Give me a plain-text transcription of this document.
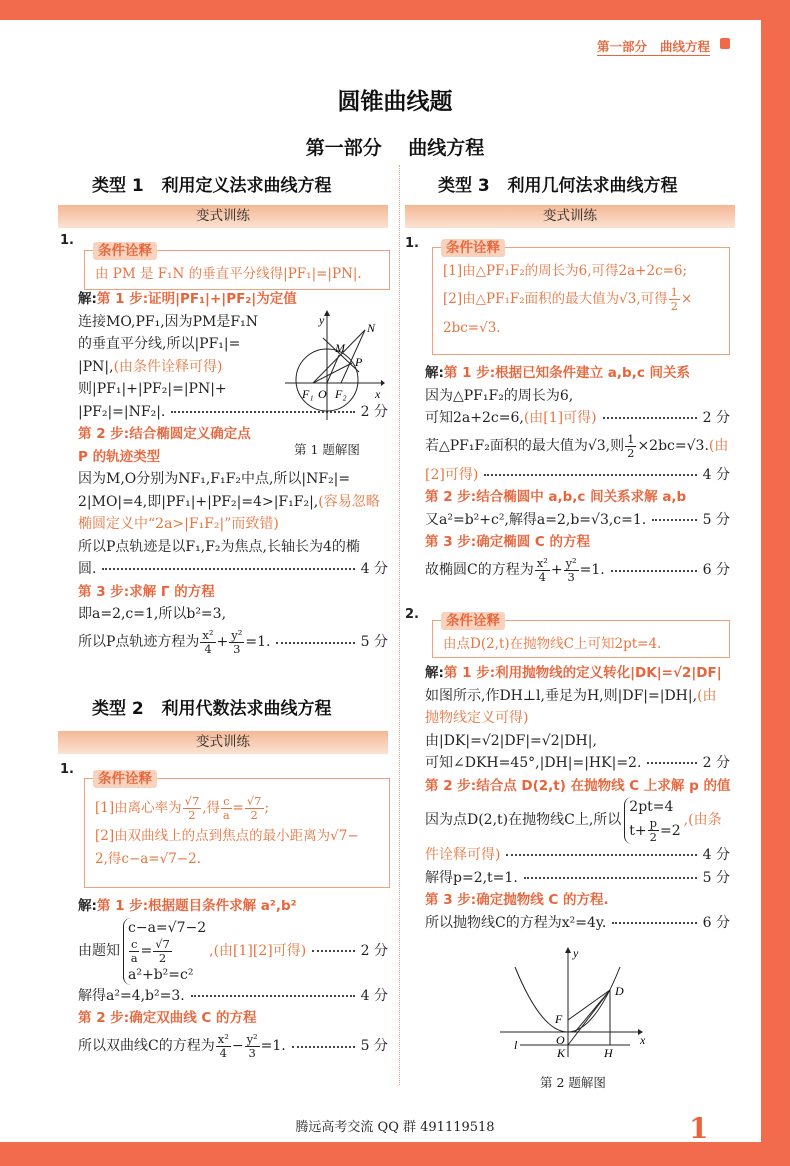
第一部分   曲线方程
圆锥曲线题
第一部分    曲线方程
类型 1   利用定义法求曲线方程
变式训练
1.
条件诠释
由 PM 是 F₁N 的垂直平分线得|PF₁|=|PN|.
解: 第 1 步:证明|PF₁|+|PF₂|为定值
连接MO,PF₁,因为PM是F₁N
的垂直平分线,所以|PF₁|=
|PN|, (由条件诠释可得)
则|PF₁|+|PF₂|=|PN|+
|PF₂|=|NF₂|.	2 分
第 2 步:结合椭圆定义确定点
P 的轨迹类型
因为M,O分别为NF₁,F₁F₂中点,所以|NF₂|=
2|MO|=4,即|PF₁|+|PF₂|=4>|F₁F₂|, (容易忽略
椭圆定义中“2a>|F₁F₂|”而致错)
所以P点轨迹是以F₁,F₂为焦点,长轴长为4的椭
圆.	4 分
第 3 步:求解 Γ 的方程
即a=2,c=1,所以b²=3,
所以P点轨迹方程为 $\frac{\text{x²}}{4} + \frac{\text{y²}}{3} =1$.	5 分
y
N
M
P
F₁ O F₂ x
第 1 题解图
类型 2   利用代数法求曲线方程
变式训练
1.
条件诠释
[1]由离心率为 $\frac{√7}{2}$ ,得 $\frac{c}{a} = \frac{√7}{2}$ ;
[2]由双曲线上的点到焦点的最小距离为√7−
2,得c−a=√7−2.
解: 第 1 步:根据题目条件求解 a²,b²
由题知
c−a=√7−2
$\frac{c}{a} = \frac{√7}{2}$
a²+b²=c²
,(由[1][2]可得)	2 分
解得a²=4,b²=3.	4 分
第 2 步:确定双曲线 C 的方程
所以双曲线C的方程为 $\frac{\text{x²}}{4} - \frac{\text{y²}}{3} =1$.	5 分
类型 3   利用几何法求曲线方程
变式训练
1.	条件诠释
[1]由△PF₁F₂的周长为6,可得2a+2c=6;
[2]由△PF₁F₂面积的最大值为√3,可得 $\frac{1}{2}$ ×
2bc=√3.
解: 第 1 步:根据已知条件建立 a,b,c 间关系
因为△PF₁F₂的周长为6,
可知2a+2c=6, (由[1]可得)	2 分
若△PF₁F₂面积的最大值为√3,则 $\frac{1}{2} \times 2bc=√3$. (由
[2]可得)	4 分
第 2 步:结合椭圆中 a,b,c 间关系求解 a,b
又a²=b²+c²,解得a=2,b=√3,c=1.	5 分
第 3 步:确定椭圆 C 的方程
故椭圆C的方程为 $\frac{\text{x²}}{4} + \frac{\text{y²}}{3} =1$.	6 分
2.	条件诠释
由点D(2,t)在抛物线C上可知2pt=4.
解: 第 1 步:利用抛物线的定义转化|DK|=√2|DF|
如图所示,作DH⊥l,垂足为H,则|DF|=|DH|, (由
抛物线定义可得)
由|DK|=√2|DF|=√2|DH|,
可知∠DKH=45°,|DH|=|HK|=2.	2 分
第 2 步:结合点 D(2,t) 在抛物线 C 上求解 p 的值
因为点D(2,t)在抛物线C上,所以
2pt=4
$t+ \frac{p}{2} =2$
,(由条
件诠释可得)	4 分
解得p=2,t=1.	5 分
第 3 步:确定抛物线 C 的方程.
所以抛物线C的方程为x²=4y.	6 分
y
D
F
l	O
K	H
x
第 2 题解图
腾远高考交流 QQ 群 491119518	1
